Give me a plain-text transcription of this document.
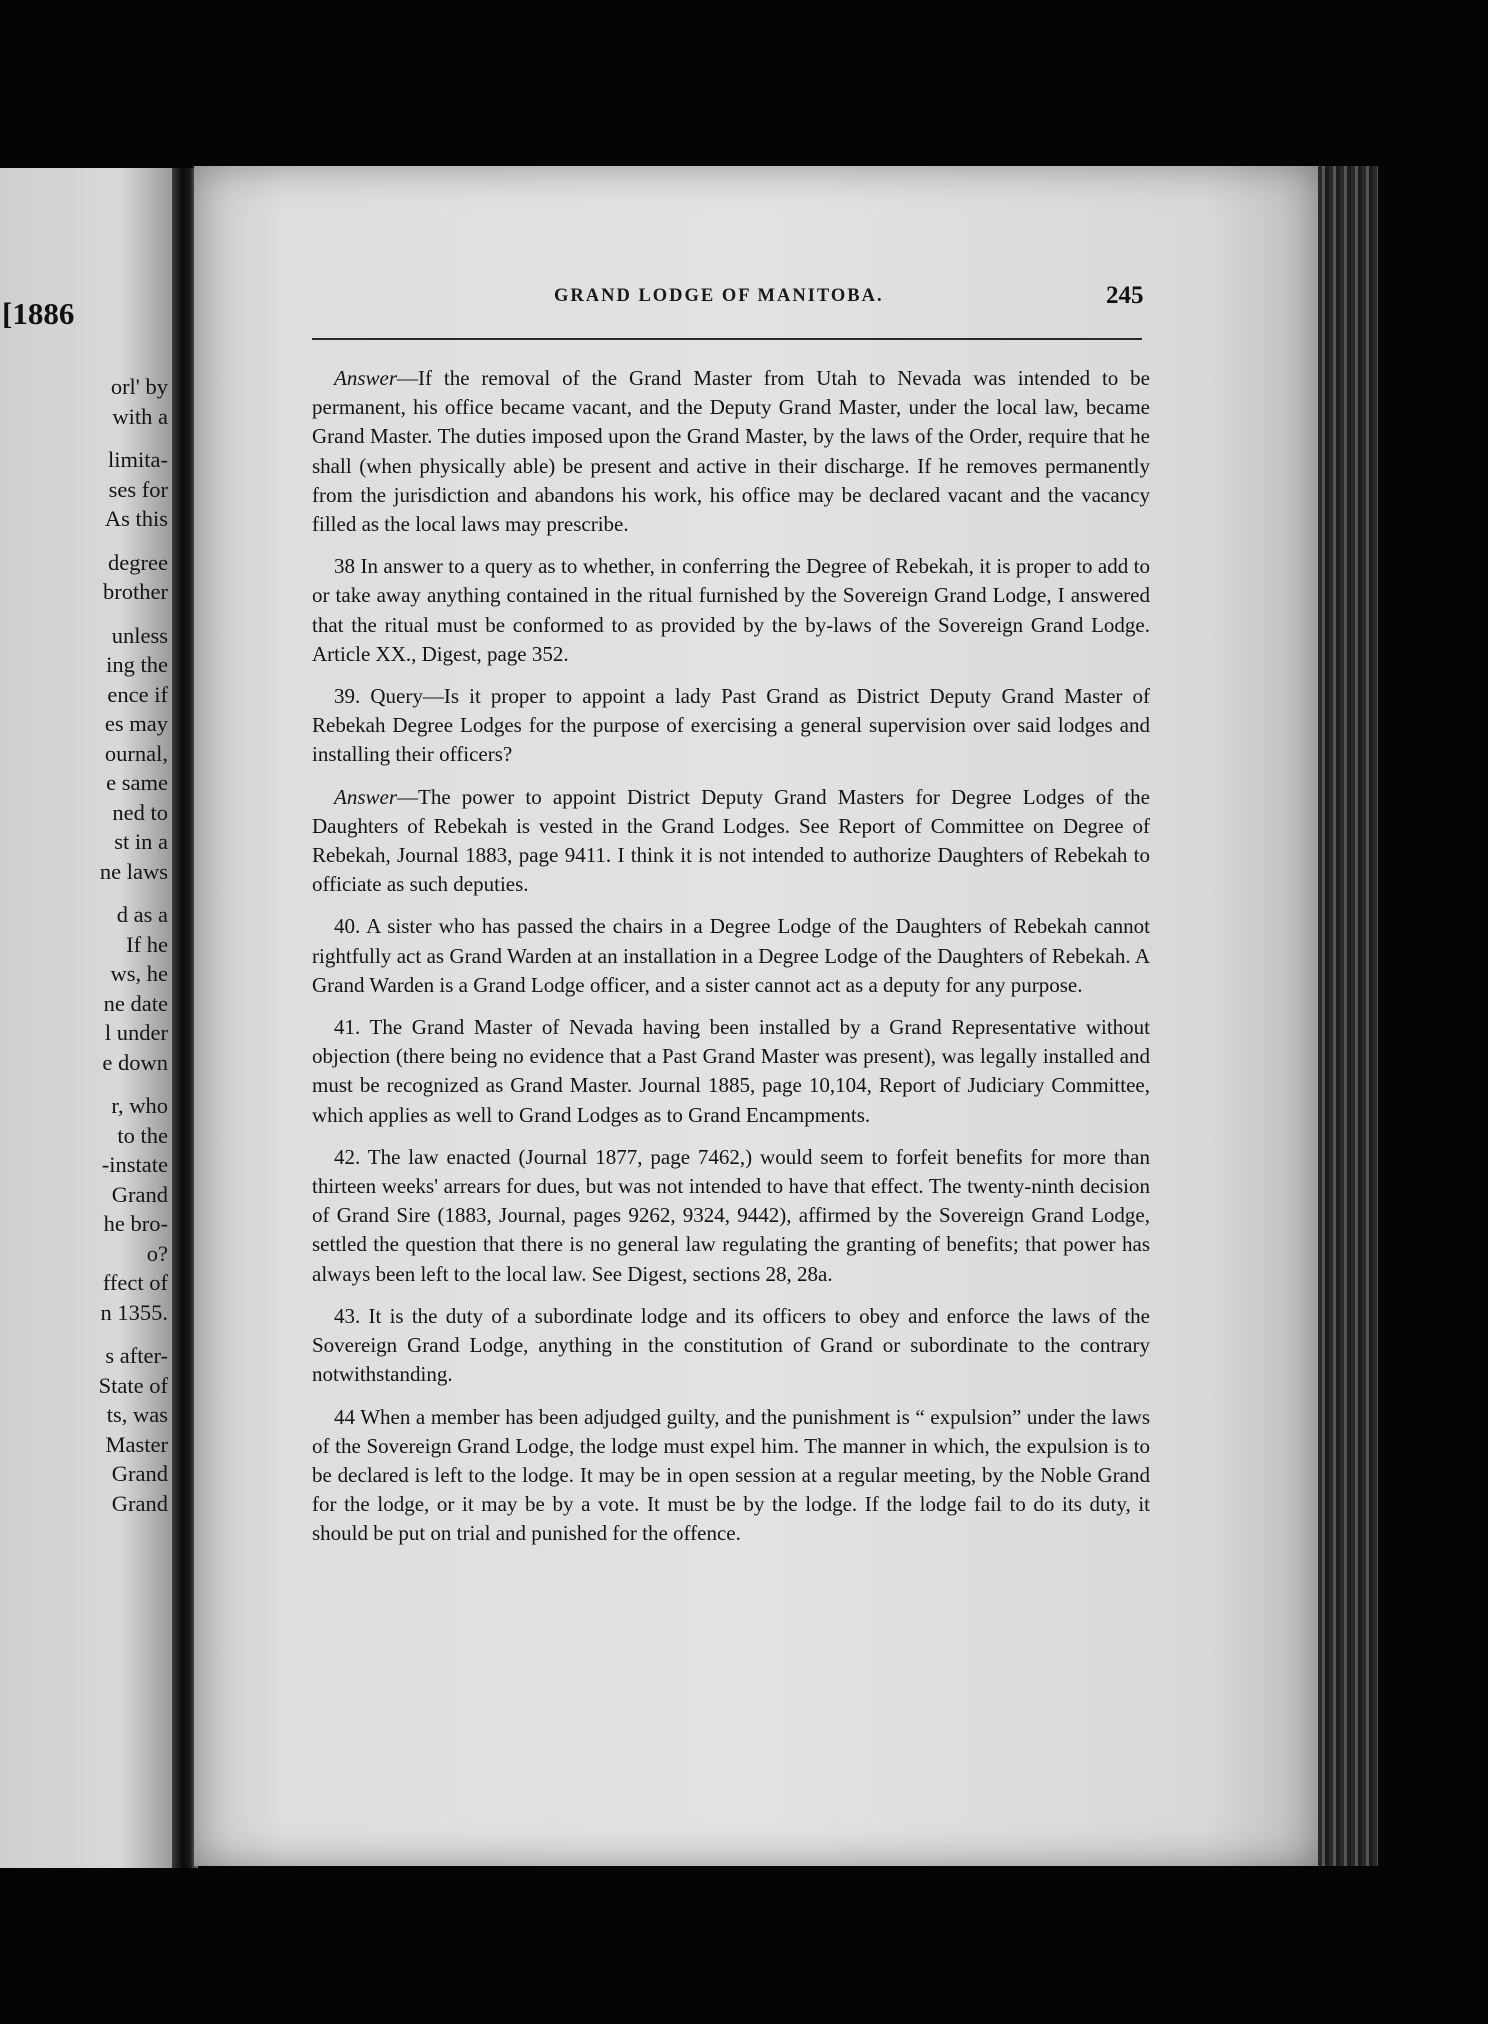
[1886
orl' by
with a
limita-
ses for
As this
degree
brother
unless
ing the
ence if
es may
ournal,
e same
ned to
st in a
ne laws
d as a
If he
ws, he
ne date
l under
e down
r, who
to the
-instate
Grand
he bro-
o?
ffect of
n 1355.
s after-
State of
ts, was
Master
Grand
Grand
GRAND LODGE OF MANITOBA.	245

Answer—If the removal of the Grand Master from Utah to Nevada was intended to be permanent, his office became vacant, and the Deputy Grand Master, under the local law, became Grand Master. The duties imposed upon the Grand Master, by the laws of the Order, require that he shall (when physically able) be present and active in their discharge. If he removes permanently from the jurisdiction and abandons his work, his office may be declared vacant and the vacancy filled as the local laws may prescribe.

38 In answer to a query as to whether, in conferring the Degree of Rebekah, it is proper to add to or take away anything contained in the ritual furnished by the Sovereign Grand Lodge, I answered that the ritual must be conformed to as provided by the by-laws of the Sovereign Grand Lodge. Article XX., Digest, page 352.

39. Query—Is it proper to appoint a lady Past Grand as District Deputy Grand Master of Rebekah Degree Lodges for the purpose of exercising a general supervision over said lodges and installing their officers?

Answer—The power to appoint District Deputy Grand Masters for Degree Lodges of the Daughters of Rebekah is vested in the Grand Lodges. See Report of Committee on Degree of Rebekah, Journal 1883, page 9411. I think it is not intended to authorize Daughters of Rebekah to officiate as such deputies.

40. A sister who has passed the chairs in a Degree Lodge of the Daughters of Rebekah cannot rightfully act as Grand Warden at an installation in a Degree Lodge of the Daughters of Rebekah. A Grand Warden is a Grand Lodge officer, and a sister cannot act as a deputy for any purpose.

41. The Grand Master of Nevada having been installed by a Grand Representative without objection (there being no evidence that a Past Grand Master was present), was legally installed and must be recognized as Grand Master. Journal 1885, page 10,104, Report of Judiciary Committee, which applies as well to Grand Lodges as to Grand Encampments.

42. The law enacted (Journal 1877, page 7462,) would seem to forfeit benefits for more than thirteen weeks' arrears for dues, but was not intended to have that effect. The twenty-ninth decision of Grand Sire (1883, Journal, pages 9262, 9324, 9442), affirmed by the Sovereign Grand Lodge, settled the question that there is no general law regulating the granting of benefits; that power has always been left to the local law. See Digest, sections 28, 28a.

43. It is the duty of a subordinate lodge and its officers to obey and enforce the laws of the Sovereign Grand Lodge, anything in the constitution of Grand or subordinate to the contrary notwithstanding.

44 When a member has been adjudged guilty, and the punishment is “ expulsion” under the laws of the Sovereign Grand Lodge, the lodge must expel him. The manner in which, the expulsion is to be declared is left to the lodge. It may be in open session at a regular meeting, by the Noble Grand for the lodge, or it may be by a vote. It must be by the lodge. If the lodge fail to do its duty, it should be put on trial and punished for the offence.
